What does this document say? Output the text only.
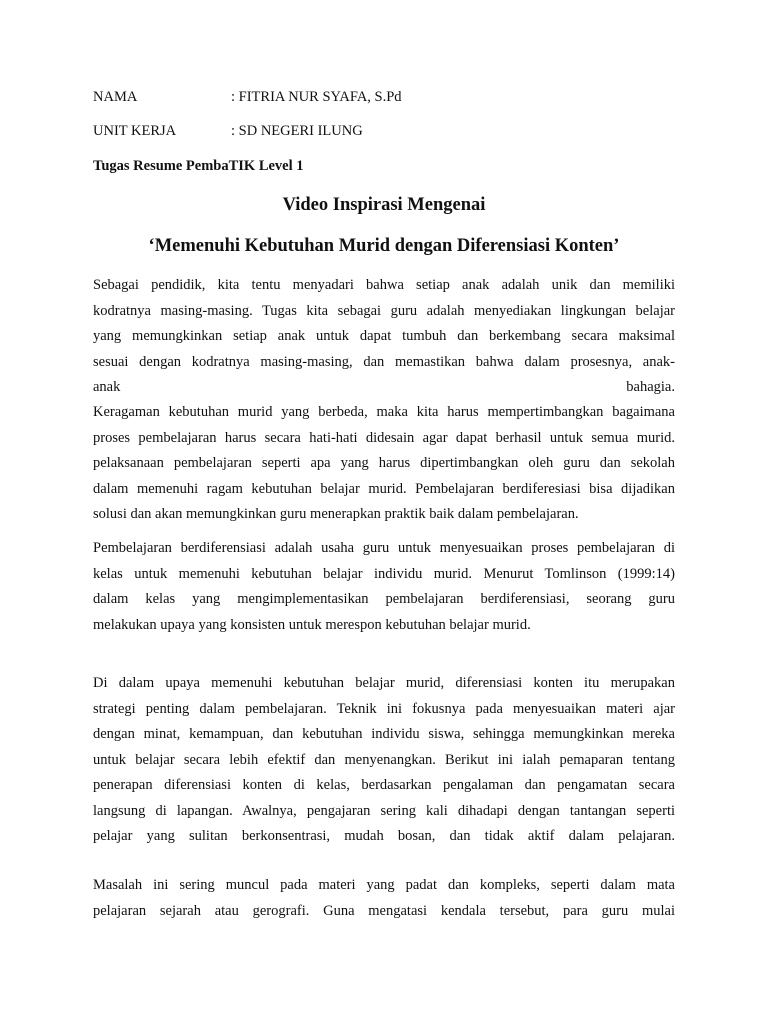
NAMA	: FITRIA NUR SYAFA, S.Pd
UNIT KERJA	: SD NEGERI ILUNG
Tugas Resume PembaTIK Level 1
Video Inspirasi Mengenai
‘Memenuhi Kebutuhan Murid dengan Diferensiasi Konten’
Sebagai pendidik, kita tentu menyadari bahwa setiap anak adalah unik dan memiliki
kodratnya masing-masing. Tugas kita sebagai guru adalah menyediakan lingkungan belajar
yang memungkinkan setiap anak untuk dapat tumbuh dan berkembang secara maksimal
sesuai dengan kodratnya masing-masing, dan memastikan bahwa dalam prosesnya, anak-
anak	bahagia.
Keragaman kebutuhan murid yang berbeda, maka kita harus mempertimbangkan bagaimana
proses pembelajaran harus secara hati-hati didesain agar dapat berhasil untuk semua murid.
pelaksanaan pembelajaran seperti apa yang harus dipertimbangkan oleh guru dan sekolah
dalam memenuhi ragam kebutuhan belajar murid. Pembelajaran berdiferesiasi bisa dijadikan
solusi dan akan memungkinkan guru menerapkan praktik baik dalam pembelajaran.
Pembelajaran berdiferensiasi adalah usaha guru untuk menyesuaikan proses pembelajaran di
kelas untuk memenuhi kebutuhan belajar individu murid. Menurut Tomlinson (1999:14)
dalam kelas yang mengimplementasikan pembelajaran berdiferensiasi, seorang guru
melakukan upaya yang konsisten untuk merespon kebutuhan belajar murid.
Di dalam upaya memenuhi kebutuhan belajar murid, diferensiasi konten itu merupakan
strategi penting dalam pembelajaran. Teknik ini fokusnya pada menyesuaikan materi ajar
dengan minat, kemampuan, dan kebutuhan individu siswa, sehingga memungkinkan mereka
untuk belajar secara lebih efektif dan menyenangkan. Berikut ini ialah pemaparan tentang
penerapan diferensiasi konten di kelas, berdasarkan pengalaman dan pengamatan secara
langsung di lapangan. Awalnya, pengajaran sering kali dihadapi dengan tantangan seperti
pelajar yang sulitan berkonsentrasi, mudah bosan, dan tidak aktif dalam pelajaran.
Masalah ini sering muncul pada materi yang padat dan kompleks, seperti dalam mata
pelajaran sejarah atau gerografi. Guna mengatasi kendala tersebut, para guru mulai
